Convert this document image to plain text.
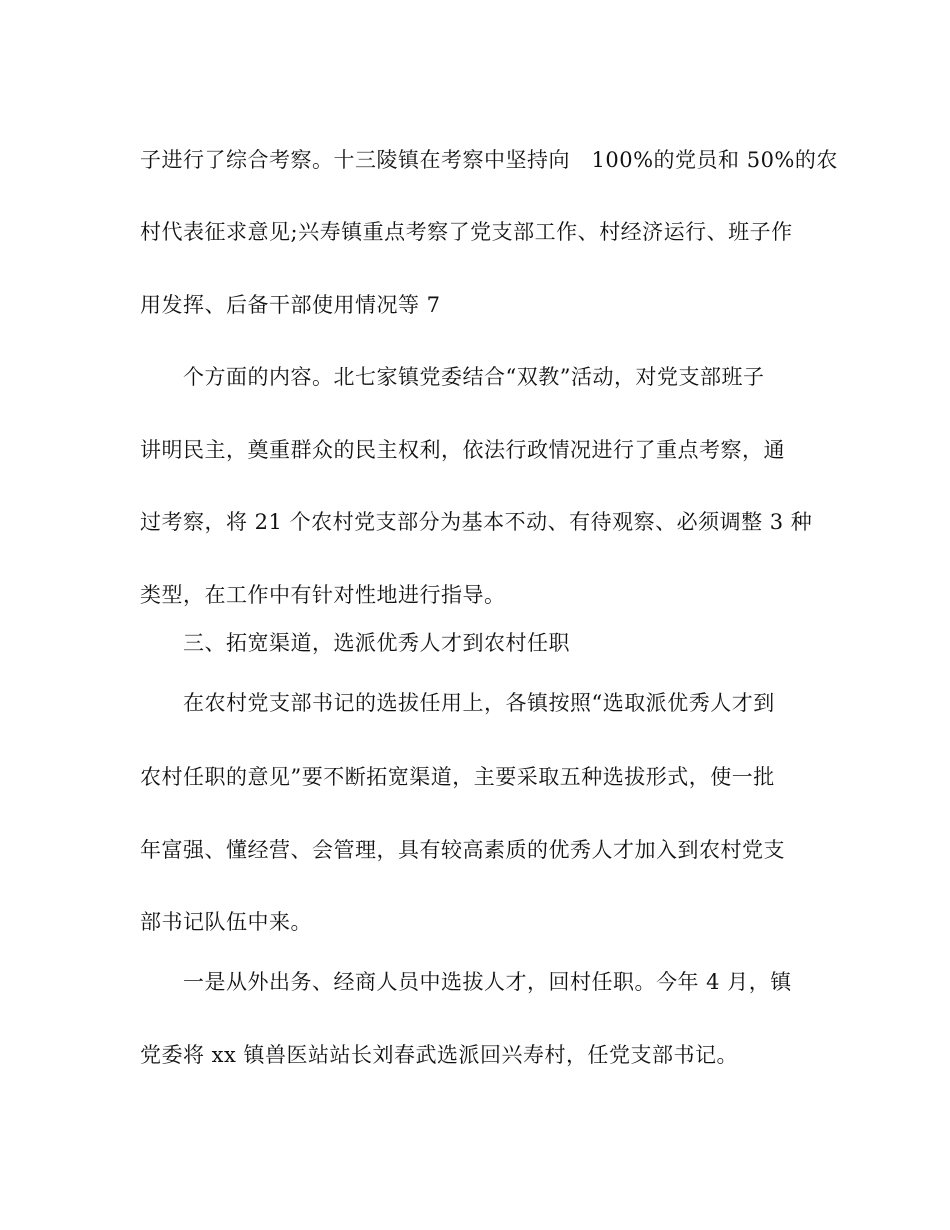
子进行了综合考察。十三陵镇在考察中坚持向　100%的党员和 50%的农
村代表征求意见;兴寿镇重点考察了党支部工作、村经济运行、班子作
用发挥、后备干部使用情况等 7
个方面的内容。北七家镇党委结合“双教”活动，对党支部班子
讲明民主，奠重群众的民主权利，依法行政情况进行了重点考察，通
过考察，将 21 个农村党支部分为基本不动、有待观察、必须调整 3 种
类型，在工作中有针对性地进行指导。
三、拓宽渠道，选派优秀人才到农村任职
在农村党支部书记的选拔任用上，各镇按照“选取派优秀人才到
农村任职的意见”要不断拓宽渠道，主要采取五种选拔形式，使一批
年富强、懂经营、会管理，具有较高素质的优秀人才加入到农村党支
部书记队伍中来。
一是从外出务、经商人员中选拔人才，回村任职。今年 4 月，镇
党委将 xx 镇兽医站站长刘春武选派回兴寿村，任党支部书记。
